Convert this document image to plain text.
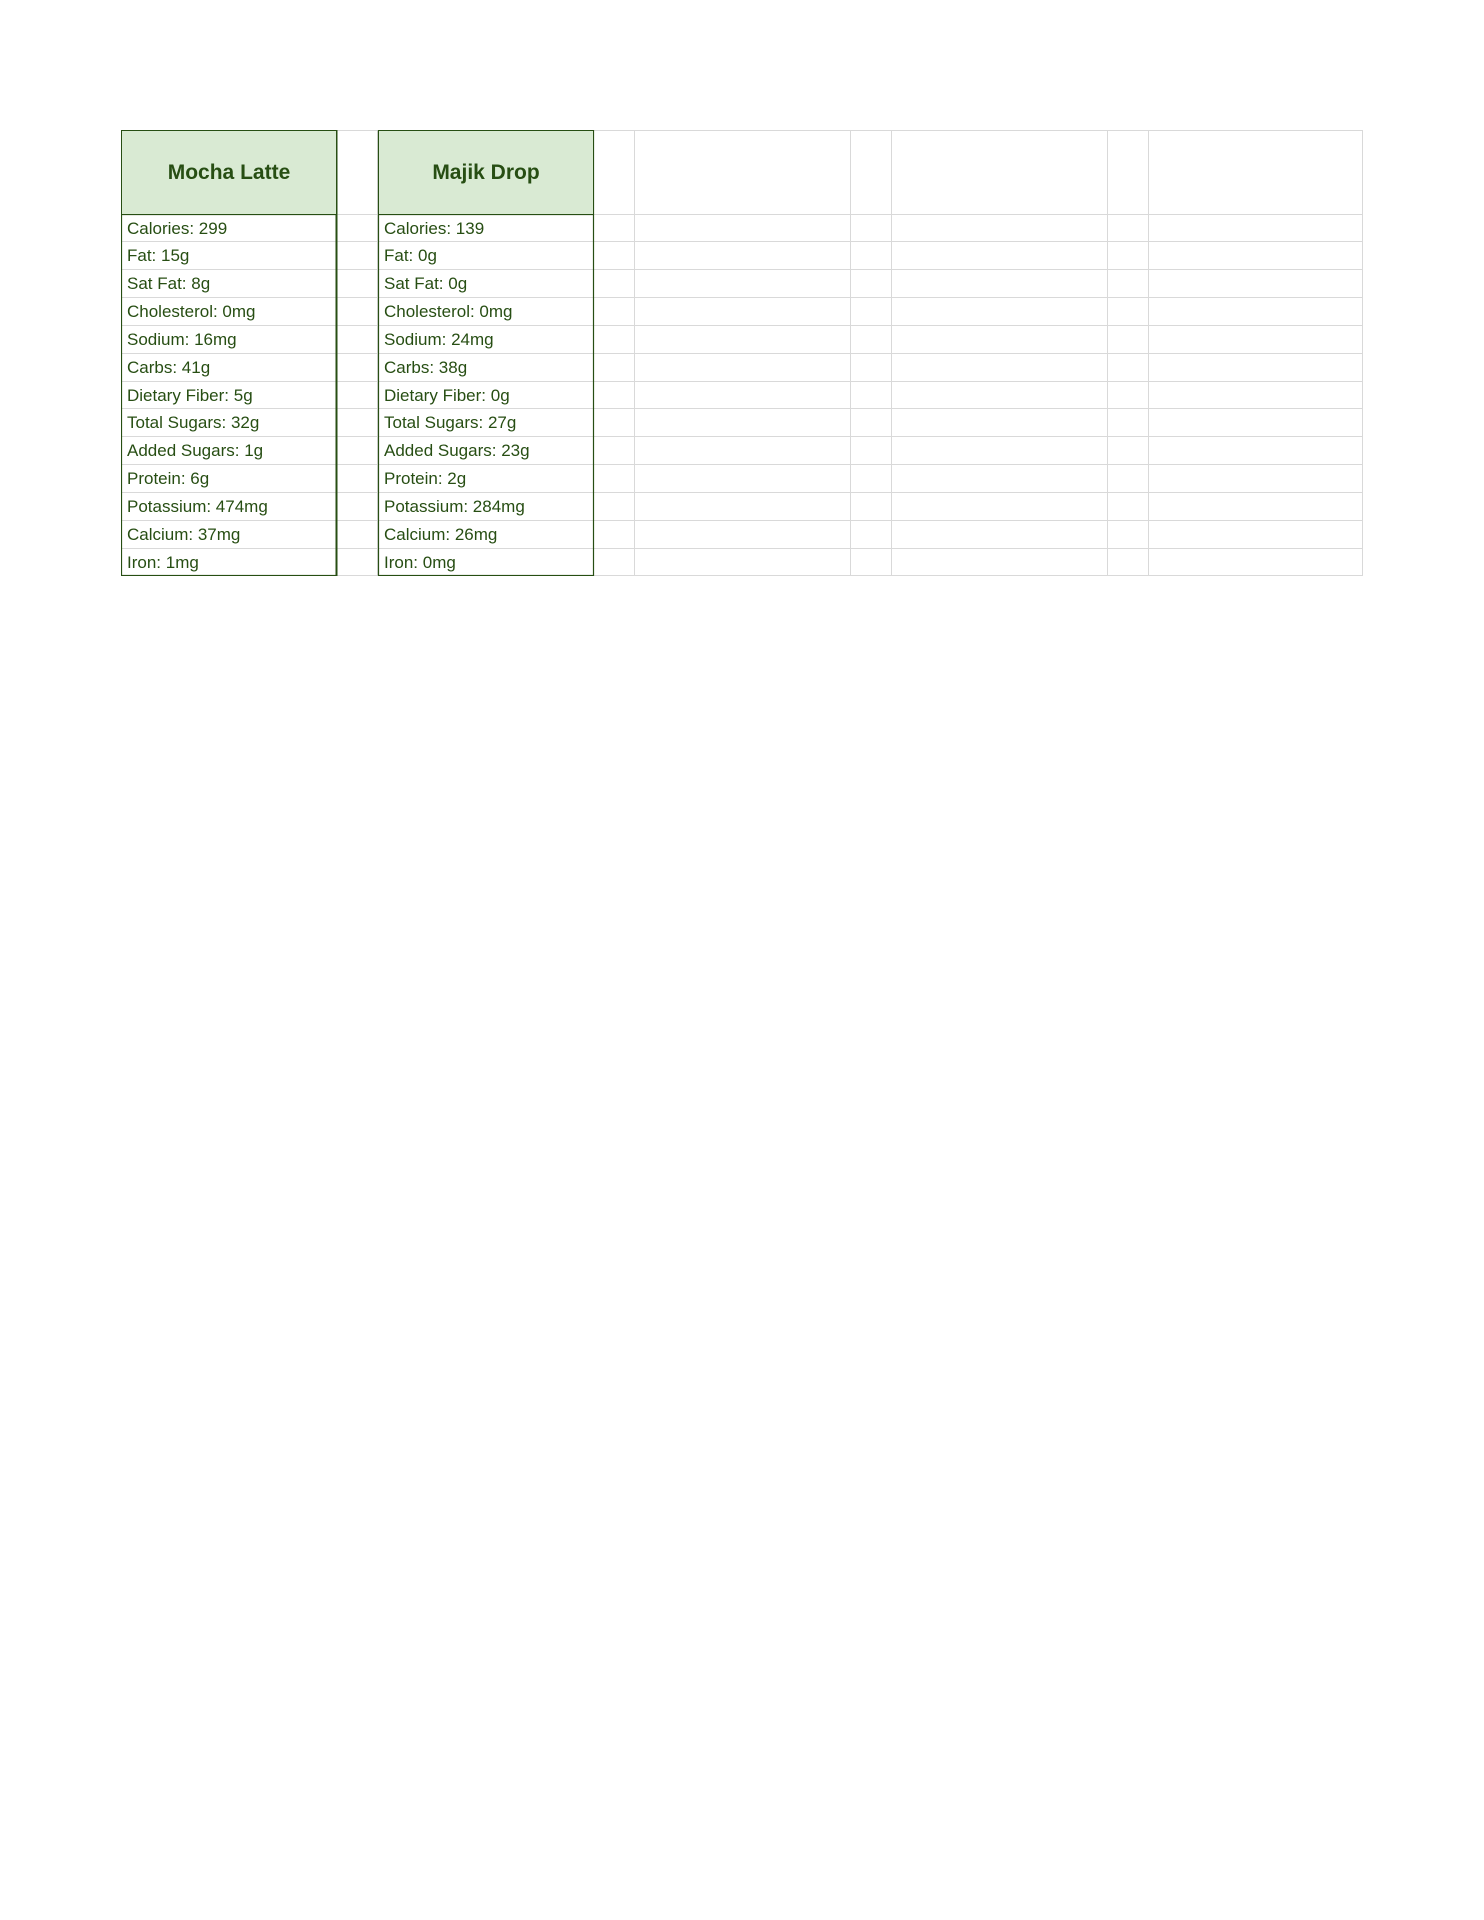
Mocha Latte
Calories: 299
Fat: 15g
Sat Fat: 8g
Cholesterol: 0mg
Sodium: 16mg
Carbs: 41g
Dietary Fiber: 5g
Total Sugars: 32g
Added Sugars: 1g
Protein: 6g
Potassium: 474mg
Calcium: 37mg
Iron: 1mg
Majik Drop
Calories: 139
Fat: 0g
Sat Fat: 0g
Cholesterol: 0mg
Sodium: 24mg
Carbs: 38g
Dietary Fiber: 0g
Total Sugars: 27g
Added Sugars: 23g
Protein: 2g
Potassium: 284mg
Calcium: 26mg
Iron: 0mg
